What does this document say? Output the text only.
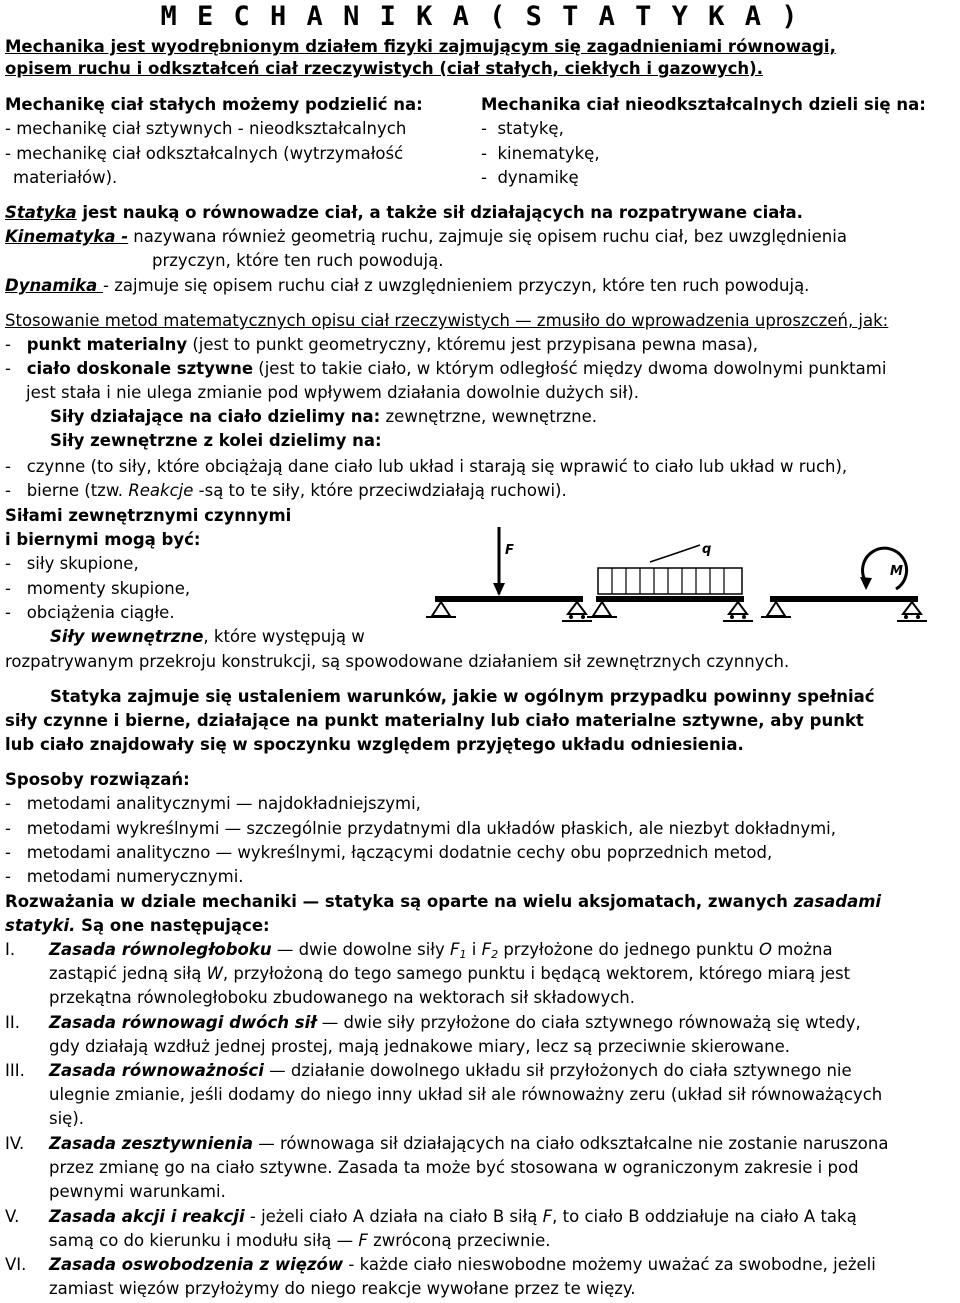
M E C H A N I K A ( S T A T Y K A )
Mechanika jest wyodrębnionym działem fizyki zajmującym się zagadnieniami równowagi,
opisem ruchu i odkształceń ciał rzeczywistych (ciał stałych, ciekłych i gazowych).
Mechanikę ciał stałych możemy podzielić na:
- mechanikę ciał sztywnych - nieodkształcalnych
- mechanikę ciał odkształcalnych (wytrzymałość
materiałów).
Mechanika ciał nieodkształcalnych dzieli się na:
-  statykę,
-  kinematykę,
-  dynamikę
Statyka jest nauką o równowadze ciał, a także sił działających na rozpatrywane ciała.
Kinematyka - nazywana również geometrią ruchu, zajmuje się opisem ruchu ciał, bez uwzględnienia
przyczyn, które ten ruch powodują.
Dynamika - zajmuje się opisem ruchu ciał z uwzględnieniem przyczyn, które ten ruch powodują.
Stosowanie metod matematycznych opisu ciał rzeczywistych — zmusiło do wprowadzenia uproszczeń, jak:
-   punkt materialny (jest to punkt geometryczny, któremu jest przypisana pewna masa),
-   ciało doskonale sztywne (jest to takie ciało, w którym odległość między dwoma dowolnymi punktami
jest stała i nie ulega zmianie pod wpływem działania dowolnie dużych sił).
Siły działające na ciało dzielimy na: zewnętrzne, wewnętrzne.
Siły zewnętrzne z kolei dzielimy na:
-   czynne (to siły, które obciążają dane ciało lub układ i starają się wprawić to ciało lub układ w ruch),
-   bierne (tzw. Reakcje -są to te siły, które przeciwdziałają ruchowi).
Siłami zewnętrznymi czynnymi
i biernymi mogą być:
-   siły skupione,
-   momenty skupione,
-   obciążenia ciągłe.
Siły wewnętrzne, które występują w
rozpatrywanym przekroju konstrukcji, są spowodowane działaniem sił zewnętrznych czynnych.
Statyka zajmuje się ustaleniem warunków, jakie w ogólnym przypadku powinny spełniać
siły czynne i bierne, działające na punkt materialny lub ciało materialne sztywne, aby punkt
lub ciało znajdowały się w spoczynku względem przyjętego układu odniesienia.
Sposoby rozwiązań:
-   metodami analitycznymi — najdokładniejszymi,
-   metodami wykreślnymi — szczególnie przydatnymi dla układów płaskich, ale niezbyt dokładnymi,
-   metodami analityczno — wykreślnymi, łączącymi dodatnie cechy obu poprzednich metod,
-   metodami numerycznymi.
Rozważania w dziale mechaniki — statyka są oparte na wielu aksjomatach, zwanych zasadami
statyki. Są one następujące:
I. Zasada równoległoboku — dwie dowolne siły $F_1$ i $F_2$ przyłożone do jednego punktu O można
zastąpić jedną siłą W, przyłożoną do tego samego punktu i będącą wektorem, którego miarą jest
przekątna równoległoboku zbudowanego na wektorach sił składowych.
II. Zasada równowagi dwóch sił — dwie siły przyłożone do ciała sztywnego równoważą się wtedy,
gdy działają wzdłuż jednej prostej, mają jednakowe miary, lecz są przeciwnie skierowane.
III. Zasada równoważności — działanie dowolnego układu sił przyłożonych do ciała sztywnego nie
ulegnie zmianie, jeśli dodamy do niego inny układ sił ale równoważny zeru (układ sił równoważących
się).
IV. Zasada zesztywnienia — równowaga sił działających na ciało odkształcalne nie zostanie naruszona
przez zmianę go na ciało sztywne. Zasada ta może być stosowana w ograniczonym zakresie i pod
pewnymi warunkami.
V. Zasada akcji i reakcji - jeżeli ciało A działa na ciało B siłą F, to ciało B oddziałuje na ciało A taką
samą co do kierunku i modułu siłą — F zwróconą przeciwnie.
VI. Zasada oswobodzenia z więzów - każde ciało nieswobodne możemy uważać za swobodne, jeżeli
zamiast więzów przyłożymy do niego reakcje wywołane przez te więzy.
F	q
M
